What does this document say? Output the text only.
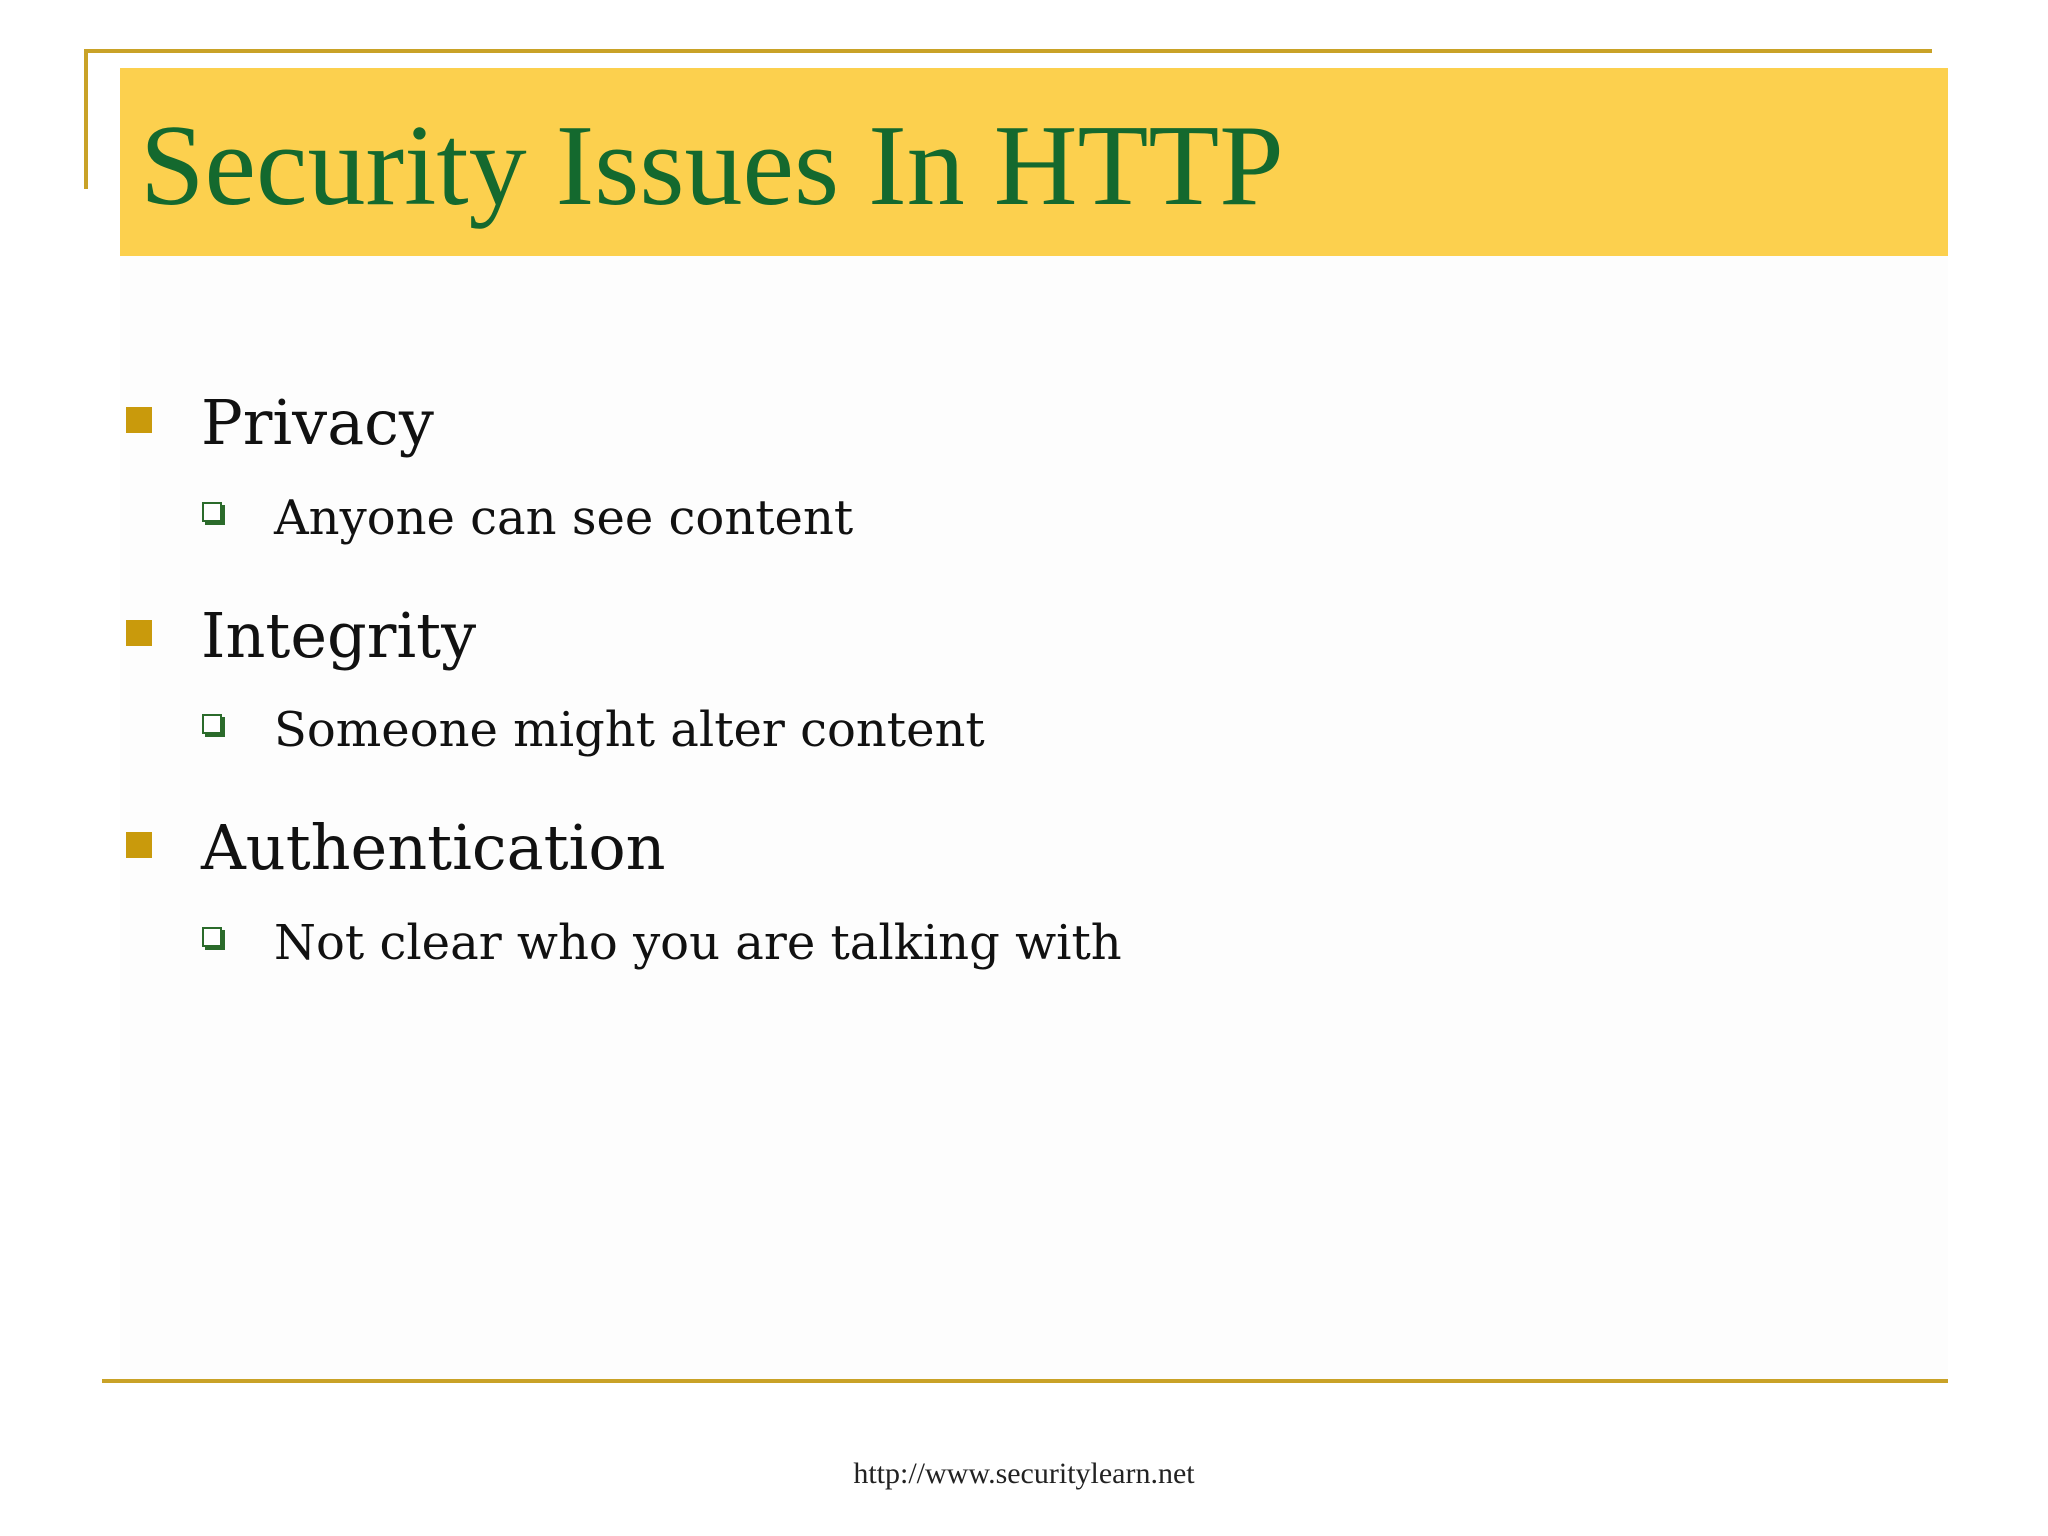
Security Issues In HTTP
Privacy
Anyone can see content
Integrity
Someone might alter content
Authentication
Not clear who you are talking with
http://www.securitylearn.net
